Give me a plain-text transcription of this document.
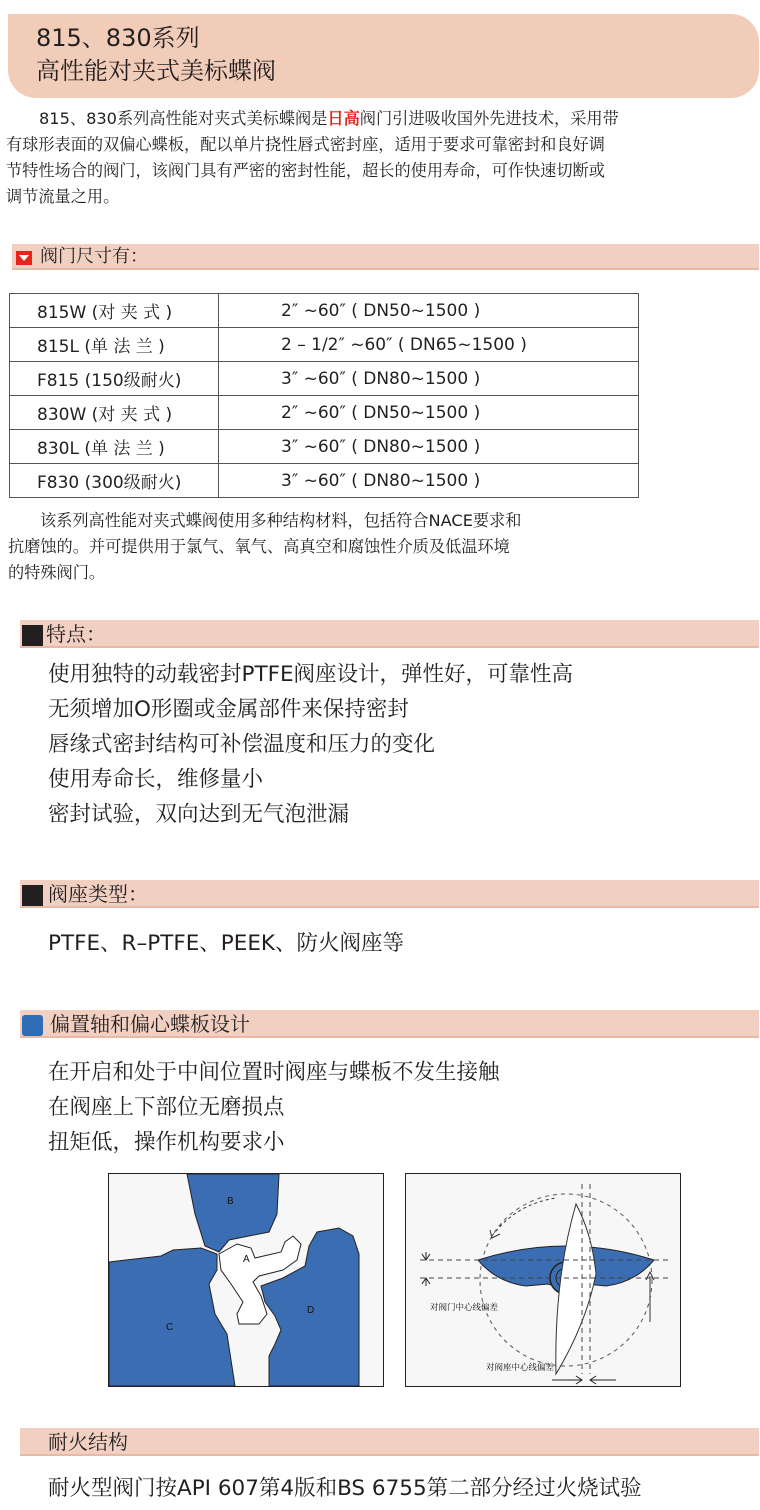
815、830系列
高性能对夹式美标蝶阀
815、830系列高性能对夹式美标蝶阀是日高阀门引进吸收国外先进技术，采用带
有球形表面的双偏心蝶板，配以单片挠性唇式密封座，适用于要求可靠密封和良好调
节特性场合的阀门，该阀门具有严密的密封性能，超长的使用寿命，可作快速切断或
调节流量之用。
阀门尺寸有：
815W (对 夹 式 )	2″ ~60″ ( DN50~1500 )
815L (单 法 兰 )	2 – 1/2″ ~60″ ( DN65~1500 )
F815 (150级耐火)	3″ ~60″ ( DN80~1500 )
830W (对 夹 式 )	2″ ~60″ ( DN50~1500 )
830L (单 法 兰 )	3″ ~60″ ( DN80~1500 )
F830 (300级耐火)	3″ ~60″ ( DN80~1500 )
该系列高性能对夹式蝶阀使用多种结构材料，包括符合NACE要求和
抗磨蚀的。并可提供用于氯气、氧气、高真空和腐蚀性介质及低温环境
的特殊阀门。
特点：
使用独特的动载密封PTFE阀座设计，弹性好，可靠性高
无须增加O形圈或金属部件来保持密封
唇缘式密封结构可补偿温度和压力的变化
使用寿命长，维修量小
密封试验，双向达到无气泡泄漏
阀座类型：
PTFE、R–PTFE、PEEK、防火阀座等
偏置轴和偏心蝶板设计
在开启和处于中间位置时阀座与蝶板不发生接触
在阀座上下部位无磨损点
扭矩低，操作机构要求小
B
A
C
D	对阀门中心线偏差
对阀座中心线偏差
耐火结构
耐火型阀门按API 607第4版和BS 6755第二部分经过火烧试验
